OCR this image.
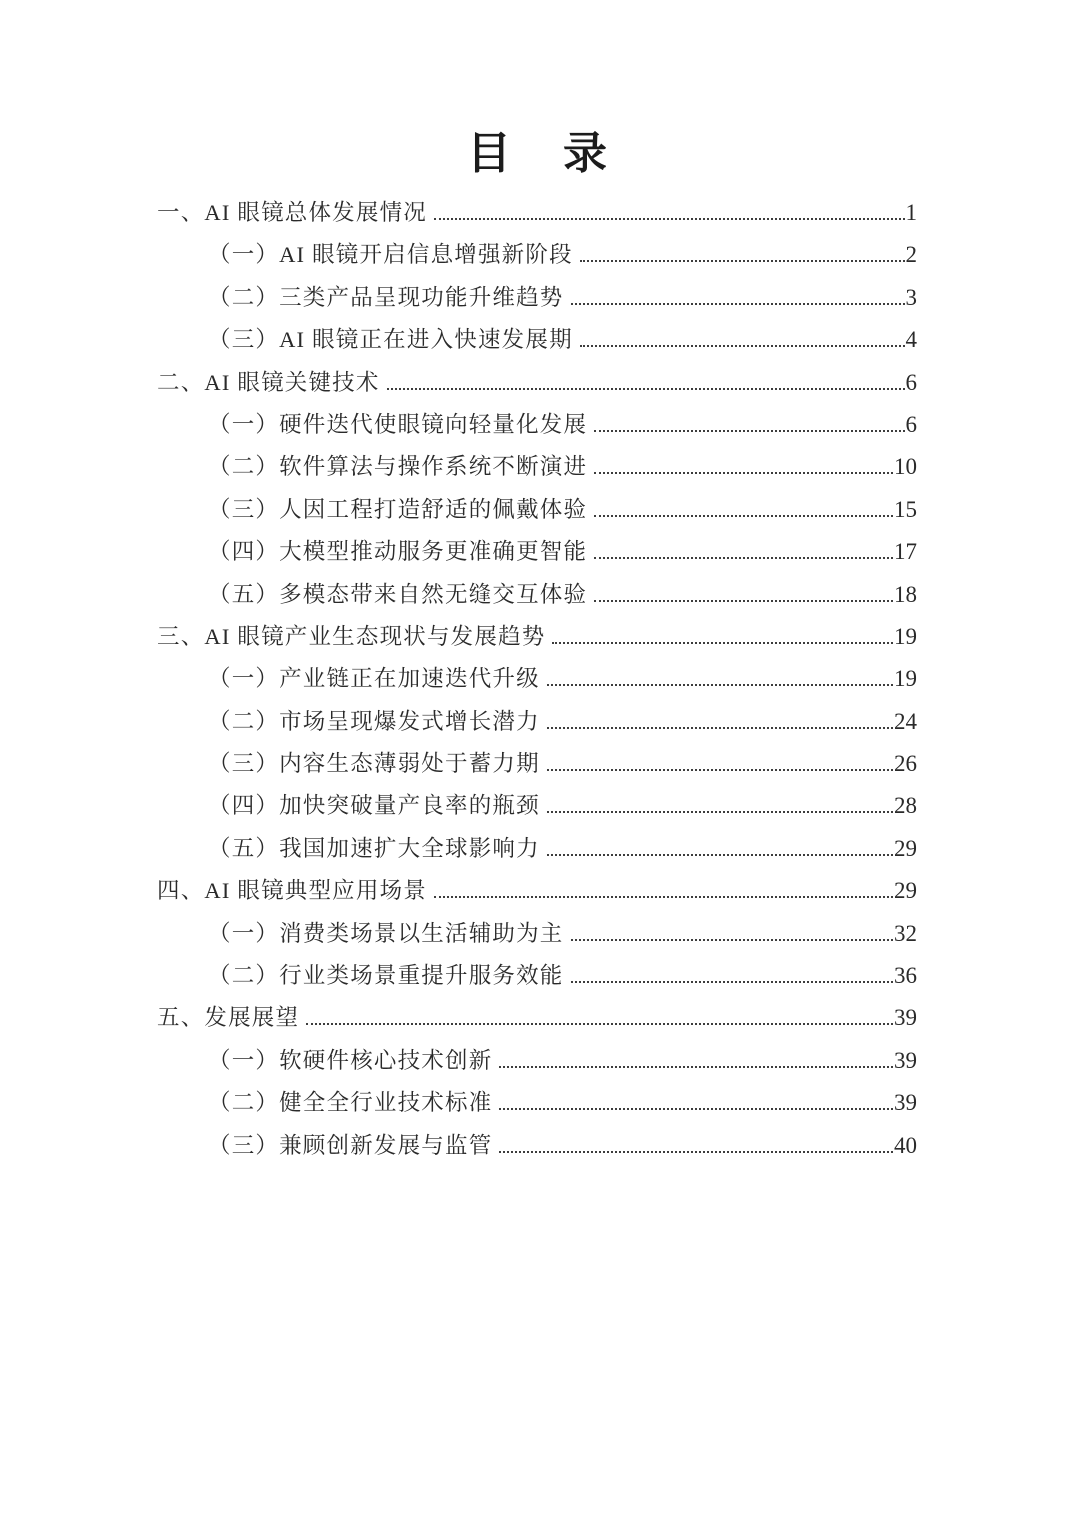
目  录
一、AI 眼镜总体发展情况	1
（一）AI 眼镜开启信息增强新阶段	2
（二）三类产品呈现功能升维趋势	3
（三）AI 眼镜正在进入快速发展期	4
二、AI 眼镜关键技术	6
（一）硬件迭代使眼镜向轻量化发展	6
（二）软件算法与操作系统不断演进	10
（三）人因工程打造舒适的佩戴体验	15
（四）大模型推动服务更准确更智能	17
（五）多模态带来自然无缝交互体验	18
三、AI 眼镜产业生态现状与发展趋势	19
（一）产业链正在加速迭代升级	19
（二）市场呈现爆发式增长潜力	24
（三）内容生态薄弱处于蓄力期	26
（四）加快突破量产良率的瓶颈	28
（五）我国加速扩大全球影响力	29
四、AI 眼镜典型应用场景	29
（一）消费类场景以生活辅助为主	32
（二）行业类场景重提升服务效能	36
五、发展展望	39
（一）软硬件核心技术创新	39
（二）健全全行业技术标准	39
（三）兼顾创新发展与监管	40
